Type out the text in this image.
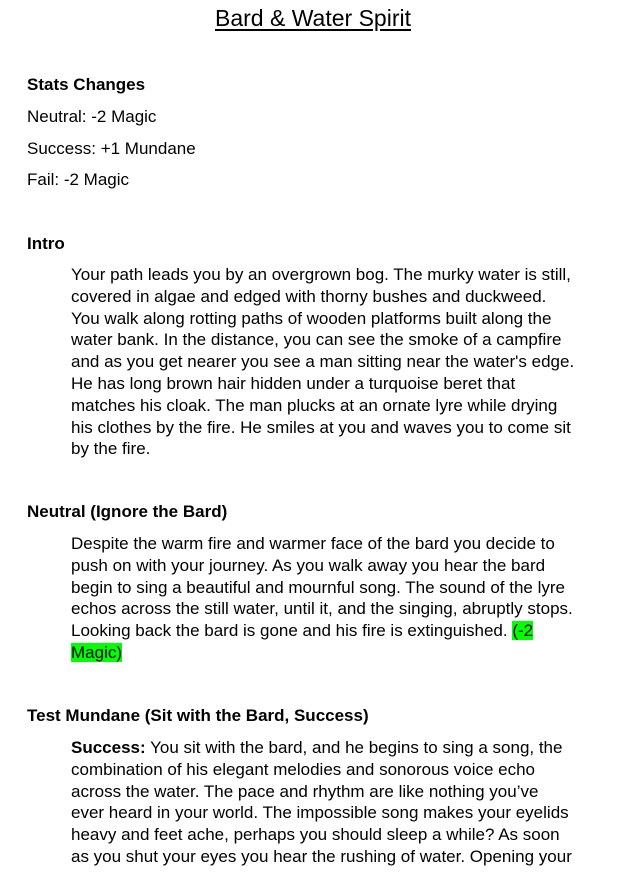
Bard & Water Spirit
Stats Changes
Neutral: -2 Magic
Success: +1 Mundane
Fail: -2 Magic
Intro
Your path leads you by an overgrown bog. The murky water is still,
covered in algae and edged with thorny bushes and duckweed.
You walk along rotting paths of wooden platforms built along the
water bank. In the distance, you can see the smoke of a campfire
and as you get nearer you see a man sitting near the water's edge.
He has long brown hair hidden under a turquoise beret that
matches his cloak. The man plucks at an ornate lyre while drying
his clothes by the fire. He smiles at you and waves you to come sit
by the fire.
Neutral (Ignore the Bard)
Despite the warm fire and warmer face of the bard you decide to
push on with your journey. As you walk away you hear the bard
begin to sing a beautiful and mournful song. The sound of the lyre
echos across the still water, until it, and the singing, abruptly stops.
Looking back the bard is gone and his fire is extinguished. (-2
Magic)
Test Mundane (Sit with the Bard, Success)
Success: You sit with the bard, and he begins to sing a song, the
combination of his elegant melodies and sonorous voice echo
across the water. The pace and rhythm are like nothing you’ve
ever heard in your world. The impossible song makes your eyelids
heavy and feet ache, perhaps you should sleep a while? As soon
as you shut your eyes you hear the rushing of water. Opening your
